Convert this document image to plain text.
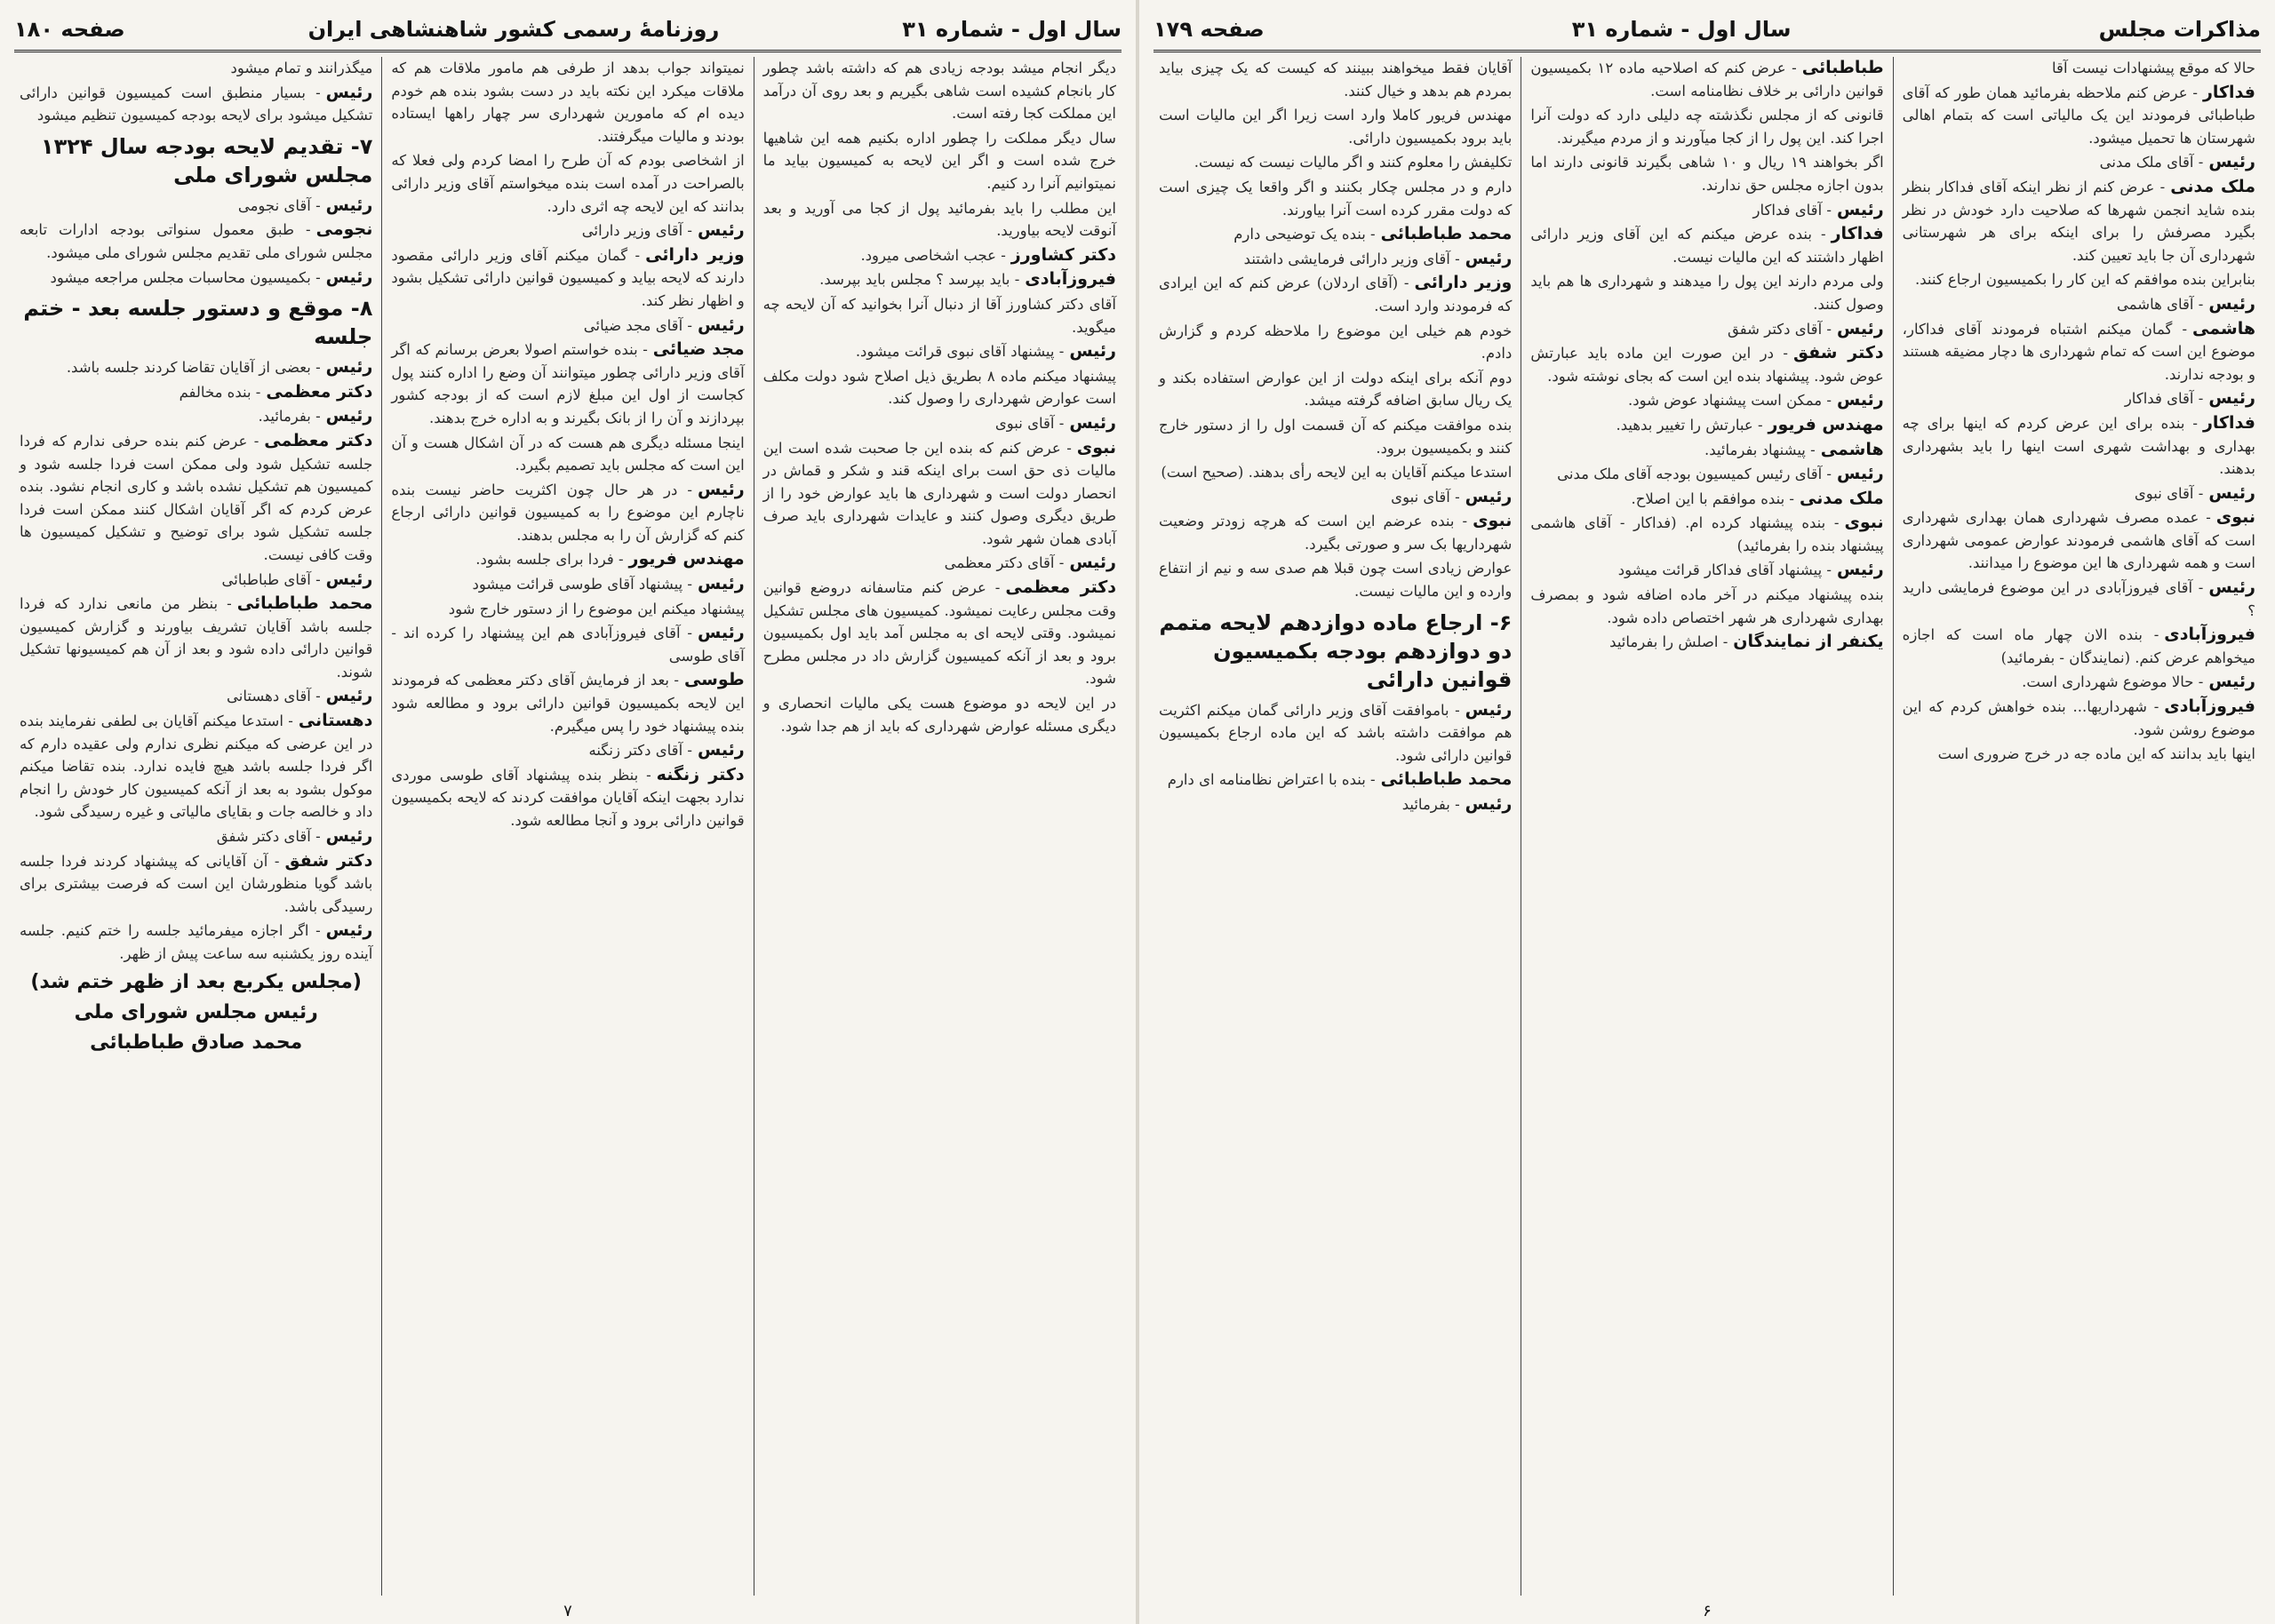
سال اول - شماره ۳۱
روزنامهٔ رسمی کشور شاهنشاهی ایران
صفحه ۱۸۰
دیگر انجام میشد بودجه زیادی هم که داشته باشد چطور کار بانجام کشیده است شاهی بگیریم و بعد روی آن درآمد این مملکت کجا رفته است.
سال دیگر مملکت را چطور اداره بکنیم همه این شاهیها خرج شده است و اگر این لایحه به کمیسیون بیاید ما نمیتوانیم آنرا رد کنیم.
این مطلب را باید بفرمائید پول از کجا می آورید و بعد آنوقت لایحه بیاورید.
دکتر کشاورز- عجب اشخاصی میرود.
فیروزآبادی- باید بپرسد ؟ مجلس باید بپرسد.
آقای دکتر کشاورز آقا از دنبال آنرا بخوانید که آن لایحه چه میگوید.
رئیس- پیشنهاد آقای نبوی قرائت میشود.
پیشنهاد میکنم ماده ۸ بطریق ذیل اصلاح شود دولت مکلف است عوارض شهرداری را وصول کند.
رئیس- آقای نبوی
نبوی- عرض کنم که بنده این جا صحبت شده است این مالیات ذی حق است برای اینکه قند و شکر و قماش در انحصار دولت است و شهرداری ها باید عوارض خود را از طریق دیگری وصول کنند و عایدات شهرداری باید صرف آبادی همان شهر شود.
رئیس- آقای دکتر معظمی
دکتر معظمی- عرض کنم متاسفانه دروضع قوانین وقت مجلس رعایت نمیشود. کمیسیون های مجلس تشکیل نمیشود. وقتی لایحه ای به مجلس آمد باید اول بکمیسیون برود و بعد از آنکه کمیسیون گزارش داد در مجلس مطرح شود.
در این لایحه دو موضوع هست یکی مالیات انحصاری و دیگری مسئله عوارض شهرداری که باید از هم جدا شود.
نمیتواند جواب بدهد از طرفی هم مامور ملاقات هم که ملاقات میکرد این نکته باید در دست بشود بنده هم خودم دیده ام که مامورین شهرداری سر چهار راهها ایستاده بودند و مالیات میگرفتند.
از اشخاصی بودم که آن طرح را امضا کردم ولی فعلا که بالصراحت در آمده است بنده میخواستم آقای وزیر دارائی بدانند که این لایحه چه اثری دارد.
رئیس- آقای وزیر دارائی
وزیر دارائی- گمان میکنم آقای وزیر دارائی مقصود دارند که لایحه بیاید و کمیسیون قوانین دارائی تشکیل بشود و اظهار نظر کند.
رئیس- آقای مجد ضیائی
مجد ضیائی- بنده خواستم اصولا بعرض برسانم که اگر آقای وزیر دارائی چطور میتوانند آن وضع را اداره کنند پول کجاست از اول این مبلغ لازم است که از بودجه کشور بپردازند و آن را از بانک بگیرند و به اداره خرج بدهند.
اینجا مسئله دیگری هم هست که در آن اشکال هست و آن این است که مجلس باید تصمیم بگیرد.
رئیس- در هر حال چون اکثریت حاضر نیست بنده ناچارم این موضوع را به کمیسیون قوانین دارائی ارجاع کنم که گزارش آن را به مجلس بدهند.
مهندس فریور- فردا برای جلسه بشود.
رئیس- پیشنهاد آقای طوسی قرائت میشود
پیشنهاد میکنم این موضوع را از دستور خارج شود
رئیس- آقای فیروزآبادی هم این پیشنهاد را کرده اند - آقای طوسی
طوسی- بعد از فرمایش آقای دکتر معظمی که فرمودند این لایحه بکمیسیون قوانین دارائی برود و مطالعه شود بنده پیشنهاد خود را پس میگیرم.
رئیس- آقای دکتر زنگنه
دکتر زنگنه- بنظر بنده پیشنهاد آقای طوسی موردی ندارد بجهت اینکه آقایان موافقت کردند که لایحه بکمیسیون قوانین دارائی برود و آنجا مطالعه شود.
میگذرانند و تمام میشود
رئیس- بسیار منطبق است کمیسیون قوانین دارائی تشکیل میشود برای لایحه بودجه کمیسیون تنظیم میشود
۷- تقدیم لایحه بودجه سال ۱۳۲۴ مجلس شورای ملی
رئیس- آقای نجومی
نجومی- طبق معمول سنواتی بودجه ادارات تابعه مجلس شورای ملی تقدیم مجلس شورای ملی میشود.
رئیس- بکمیسیون محاسبات مجلس مراجعه میشود
۸- موقع و دستور جلسه بعد - ختم جلسه
رئیس- بعضی از آقایان تقاضا کردند جلسه باشد.
دکتر معظمی- بنده مخالفم
رئیس- بفرمائید.
دکتر معظمی- عرض کنم بنده حرفی ندارم که فردا جلسه تشکیل شود ولی ممکن است فردا جلسه شود و کمیسیون هم تشکیل نشده باشد و کاری انجام نشود. بنده عرض کردم که اگر آقایان اشکال کنند ممکن است فردا جلسه تشکیل شود برای توضیح و تشکیل کمیسیون ها وقت کافی نیست.
رئیس- آقای طباطبائی
محمد طباطبائی- بنظر من مانعی ندارد که فردا جلسه باشد آقایان تشریف بیاورند و گزارش کمیسیون قوانین دارائی داده شود و بعد از آن هم کمیسیونها تشکیل شوند.
رئیس- آقای دهستانی
دهستانی- استدعا میکنم آقایان بی لطفی نفرمایند بنده در این عرضی که میکنم نظری ندارم ولی عقیده دارم که اگر فردا جلسه باشد هیچ فایده ندارد. بنده تقاضا میکنم موکول بشود به بعد از آنکه کمیسیون کار خودش را انجام داد و خالصه جات و بقایای مالیاتی و غیره رسیدگی شود.
رئیس- آقای دکتر شفق
دکتر شفق- آن آقایانی که پیشنهاد کردند فردا جلسه باشد گویا منظورشان این است که فرصت بیشتری برای رسیدگی باشد.
رئیس- اگر اجازه میفرمائید جلسه را ختم کنیم. جلسه آینده روز یکشنبه سه ساعت پیش از ظهر.
(مجلس یکربع بعد از ظهر ختم شد)
رئیس مجلس شورای ملی
محمد صادق طباطبائی
۷
مذاکرات مجلس
سال اول - شماره ۳۱
صفحه ۱۷۹
حالا که موقع پیشنهادات نیست آقا
فداکار- عرض کنم ملاحظه بفرمائید همان طور که آقای طباطبائی فرمودند این یک مالیاتی است که بتمام اهالی شهرستان ها تحمیل میشود.
رئیس- آقای ملک مدنی
ملک مدنی- عرض کنم از نظر اینکه آقای فداکار بنظر بنده شاید انجمن شهرها که صلاحیت دارد خودش در نظر بگیرد مصرفش را برای اینکه برای هر شهرستانی شهرداری آن جا باید تعیین کند.
بنابراین بنده موافقم که این کار را بکمیسیون ارجاع کنند.
رئیس- آقای هاشمی
هاشمی- گمان میکنم اشتباه فرمودند آقای فداکار، موضوع این است که تمام شهرداری ها دچار مضیقه هستند و بودجه ندارند.
رئیس- آقای فداکار
فداکار- بنده برای این عرض کردم که اینها برای چه بهداری و بهداشت شهری است اینها را باید بشهرداری بدهند.
رئیس- آقای نبوی
نبوی- عمده مصرف شهرداری همان بهداری شهرداری است که آقای هاشمی فرمودند عوارض عمومی شهرداری است و همه شهرداری ها این موضوع را میدانند.
رئیس- آقای فیروزآبادی در این موضوع فرمایشی دارید ؟
فیروزآبادی- بنده الان چهار ماه است که اجازه میخواهم عرض کنم. (نمایندگان - بفرمائید)
رئیس- حالا موضوع شهرداری است.
فیروزآبادی- شهرداریها... بنده خواهش کردم که این موضوع روشن شود.
اینها باید بدانند که این ماده جه در خرج ضروری است
طباطبائی- عرض کنم که اصلاحیه ماده ۱۲ بکمیسیون قوانین دارائی بر خلاف نظامنامه است.
قانونی که از مجلس نگذشته چه دلیلی دارد که دولت آنرا اجرا کند. این پول را از کجا میآورند و از مردم میگیرند.
اگر بخواهند ۱۹ ریال و ۱۰ شاهی بگیرند قانونی دارند اما بدون اجازه مجلس حق ندارند.
رئیس- آقای فداکار
فداکار- بنده عرض میکنم که این آقای وزیر دارائی اظهار داشتند که این مالیات نیست.
ولی مردم دارند این پول را میدهند و شهرداری ها هم باید وصول کنند.
رئیس- آقای دکتر شفق
دکتر شفق- در این صورت این ماده باید عبارتش عوض شود. پیشنهاد بنده این است که بجای نوشته شود.
رئیس- ممکن است پیشنهاد عوض شود.
مهندس فریور- عبارتش را تغییر بدهید.
هاشمی- پیشنهاد بفرمائید.
رئیس- آقای رئیس کمیسیون بودجه آقای ملک مدنی
ملک مدنی- بنده موافقم با این اصلاح.
نبوی- بنده پیشنهاد کرده ام. (فداکار - آقای هاشمی پیشنهاد بنده را بفرمائید)
رئیس- پیشنهاد آقای فداکار قرائت میشود
بنده پیشنهاد میکنم در آخر ماده اضافه شود و بمصرف بهداری شهرداری هر شهر اختصاص داده شود.
یکنفر از نمایندگان- اصلش را بفرمائید
آقایان فقط میخواهند ببینند که کیست که یک چیزی بیاید بمردم هم بدهد و خیال کنند.
مهندس فریور کاملا وارد است زیرا اگر این مالیات است باید برود بکمیسیون دارائی.
تکلیفش را معلوم کنند و اگر مالیات نیست که نیست.
دارم و در مجلس چکار بکنند و اگر واقعا یک چیزی است که دولت مقرر کرده است آنرا بیاورند.
محمد طباطبائی- بنده یک توضیحی دارم
رئیس- آقای وزیر دارائی فرمایشی داشتند
وزیر دارائی- (آقای اردلان) عرض کنم که این ایرادی که فرمودند وارد است.
خودم هم خیلی این موضوع را ملاحظه کردم و گزارش دادم.
دوم آنکه برای اینکه دولت از این عوارض استفاده بکند و یک ریال سابق اضافه گرفته میشد.
بنده موافقت میکنم که آن قسمت اول را از دستور خارج کنند و بکمیسیون برود.
استدعا میکنم آقایان به این لایحه رأی بدهند. (صحیح است)
رئیس- آقای نبوی
نبوی- بنده عرضم این است که هرچه زودتر وضعیت شهرداریها بک سر و صورتی بگیرد.
عوارض زیادی است چون قبلا هم صدی سه و نیم از انتفاع وارده و این مالیات نیست.
۶- ارجاع ماده دوازدهم لایحه متمم دو دوازدهم بودجه بکمیسیون قوانین دارائی
رئیس- باموافقت آقای وزیر دارائی گمان میکنم اکثریت هم موافقت داشته باشد که این ماده ارجاع بکمیسیون قوانین دارائی شود.
محمد طباطبائی- بنده با اعتراض نظامنامه ای دارم
رئیس- بفرمائید
۶
